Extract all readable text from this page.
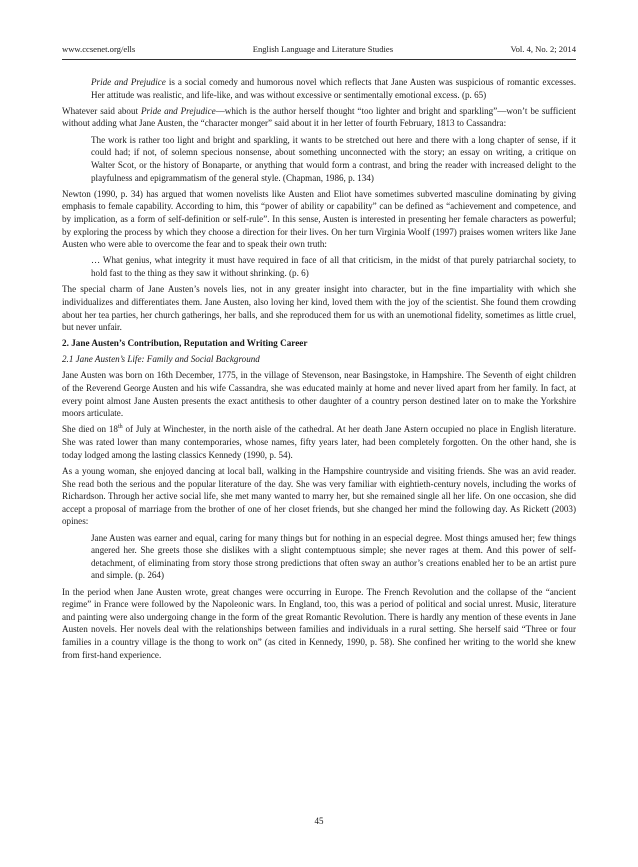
www.ccsenet.org/ells	English Language and Literature Studies	Vol. 4, No. 2; 2014

Pride and Prejudice is a social comedy and humorous novel which reflects that Jane Austen was suspicious of romantic excesses. Her attitude was realistic, and life-like, and was without excessive or sentimentally emotional excess. (p. 65)

Whatever said about Pride and Prejudice—which is the author herself thought “too lighter and bright and sparkling”—won’t be sufficient without adding what Jane Austen, the “character monger” said about it in her letter of fourth February, 1813 to Cassandra:

The work is rather too light and bright and sparkling, it wants to be stretched out here and there with a long chapter of sense, if it could had; if not, of solemn specious nonsense, about something unconnected with the story; an essay on writing, a critique on Walter Scot, or the history of Bonaparte, or anything that would form a contrast, and bring the reader with increased delight to the playfulness and epigrammatism of the general style. (Chapman, 1986, p. 134)

Newton (1990, p. 34) has argued that women novelists like Austen and Eliot have sometimes subverted masculine dominating by giving emphasis to female capability. According to him, this “power of ability or capability” can be defined as “achievement and competence, and by implication, as a form of self-definition or self-rule”. In this sense, Austen is interested in presenting her female characters as powerful; by exploring the process by which they choose a direction for their lives. On her turn Virginia Woolf (1997) praises women writers like Jane Austen who were able to overcome the fear and to speak their own truth:

… What genius, what integrity it must have required in face of all that criticism, in the midst of that purely patriarchal society, to hold fast to the thing as they saw it without shrinking. (p. 6)

The special charm of Jane Austen’s novels lies, not in any greater insight into character, but in the fine impartiality with which she individualizes and differentiates them. Jane Austen, also loving her kind, loved them with the joy of the scientist. She found them crowding about her tea parties, her church gatherings, her balls, and she reproduced them for us with an unemotional fidelity, sometimes as little cruel, but never unfair.

2. Jane Austen’s Contribution, Reputation and Writing Career
2.1 Jane Austen’s Life: Family and Social Background

Jane Austen was born on 16th December, 1775, in the village of Stevenson, near Basingstoke, in Hampshire. The Seventh of eight children of the Reverend George Austen and his wife Cassandra, she was educated mainly at home and never lived apart from her family. In fact, at every point almost Jane Austen presents the exact antithesis to other daughter of a country person destined later on to make the Yorkshire moors articulate.

She died on 18th of July at Winchester, in the north aisle of the cathedral. At her death Jane Astern occupied no place in English literature. She was rated lower than many contemporaries, whose names, fifty years later, had been completely forgotten. On the other hand, she is today lodged among the lasting classics Kennedy (1990, p. 54).

As a young woman, she enjoyed dancing at local ball, walking in the Hampshire countryside and visiting friends. She was an avid reader. She read both the serious and the popular literature of the day. She was very familiar with eightieth-century novels, including the works of Richardson. Through her active social life, she met many wanted to marry her, but she remained single all her life. On one occasion, she did accept a proposal of marriage from the brother of one of her closet friends, but she changed her mind the following day. As Rickett (2003) opines:

Jane Austen was earner and equal, caring for many things but for nothing in an especial degree. Most things amused her; few things angered her. She greets those she dislikes with a slight contemptuous simple; she never rages at them. And this power of self-detachment, of eliminating from story those strong predictions that often sway an author’s creations enabled her to be an artist pure and simple. (p. 264)

In the period when Jane Austen wrote, great changes were occurring in Europe. The French Revolution and the collapse of the “ancient regime” in France were followed by the Napoleonic wars. In England, too, this was a period of political and social unrest. Music, literature and painting were also undergoing change in the form of the great Romantic Revolution. There is hardly any mention of these events in Jane Austen novels. Her novels deal with the relationships between families and individuals in a rural setting. She herself said “Three or four families in a country village is the thong to work on” (as cited in Kennedy, 1990, p. 58). She confined her writing to the world she knew from first-hand experience.

45
